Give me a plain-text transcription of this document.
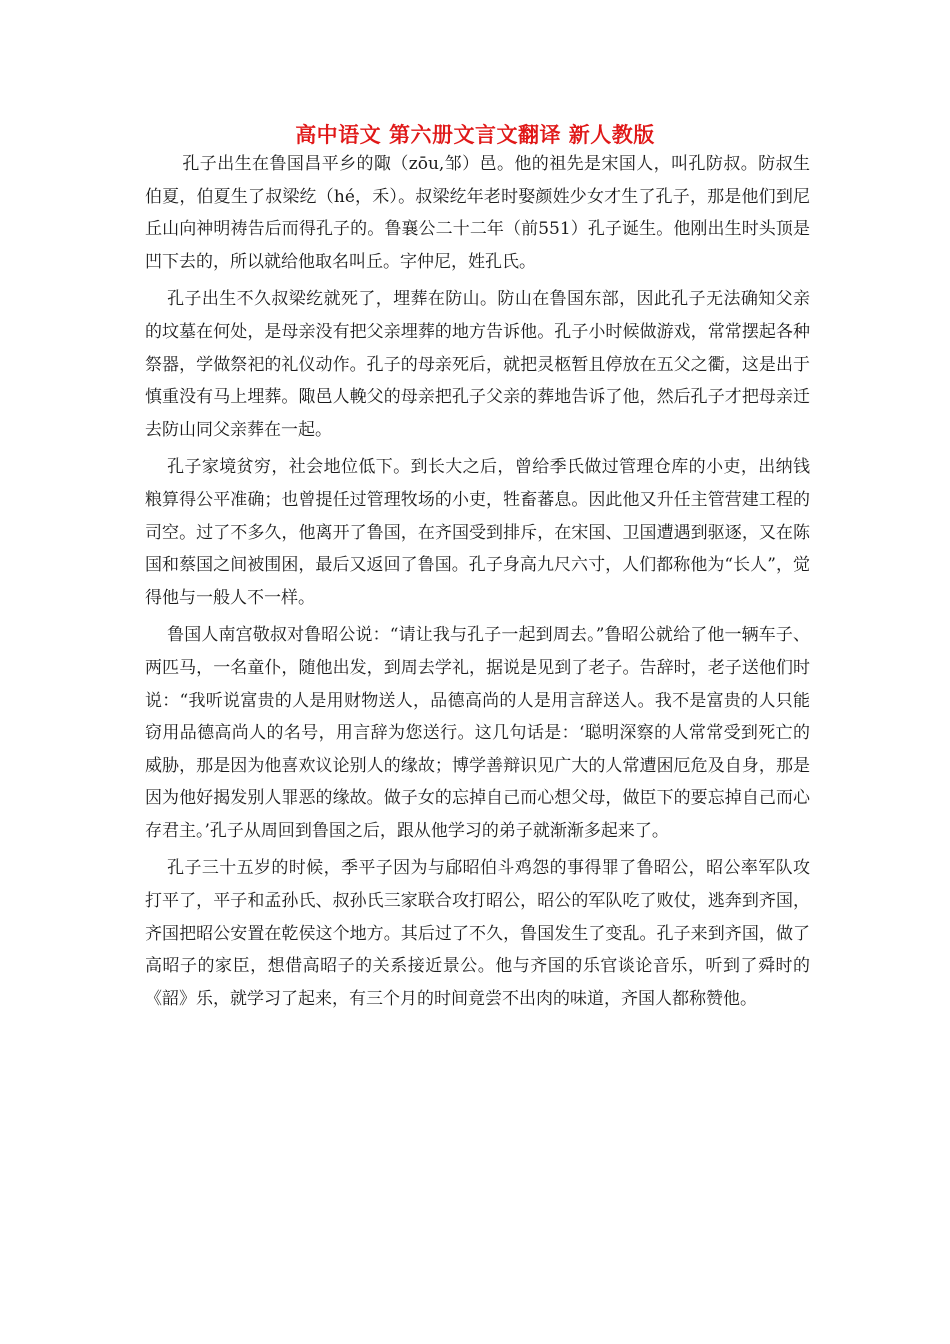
高中语文 第六册文言文翻译 新人教版

孔子出生在鲁国昌平乡的陬（zōu,邹）邑。他的祖先是宋国人，叫孔防叔。防叔生伯夏，伯夏生了叔梁纥（hé，禾）。叔梁纥年老时娶颜姓少女才生了孔子，那是他们到尼丘山向神明祷告后而得孔子的。鲁襄公二十二年（前551）孔子诞生。他刚出生时头顶是凹下去的，所以就给他取名叫丘。字仲尼，姓孔氏。

孔子出生不久叔梁纥就死了，埋葬在防山。防山在鲁国东部，因此孔子无法确知父亲的坟墓在何处，是母亲没有把父亲埋葬的地方告诉他。孔子小时候做游戏，常常摆起各种祭器，学做祭祀的礼仪动作。孔子的母亲死后，就把灵柩暂且停放在五父之衢，这是出于慎重没有马上埋葬。陬邑人輓父的母亲把孔子父亲的葬地告诉了他，然后孔子才把母亲迁去防山同父亲葬在一起。

孔子家境贫穷，社会地位低下。到长大之后，曾给季氏做过管理仓库的小吏，出纳钱粮算得公平准确；也曾提任过管理牧场的小吏，牲畜蕃息。因此他又升任主管营建工程的司空。过了不多久，他离开了鲁国，在齐国受到排斥，在宋国、卫国遭遇到驱逐，又在陈国和蔡国之间被围困，最后又返回了鲁国。孔子身高九尺六寸，人们都称他为“长人”，觉得他与一般人不一样。

鲁国人南宫敬叔对鲁昭公说：“请让我与孔子一起到周去。”鲁昭公就给了他一辆车子、两匹马，一名童仆，随他出发，到周去学礼，据说是见到了老子。告辞时，老子送他们时说：“我听说富贵的人是用财物送人，品德高尚的人是用言辞送人。我不是富贵的人只能窃用品德高尚人的名号，用言辞为您送行。这几句话是：‘聪明深察的人常常受到死亡的威胁，那是因为他喜欢议论别人的缘故；博学善辩识见广大的人常遭困厄危及自身，那是因为他好揭发别人罪恶的缘故。做子女的忘掉自己而心想父母，做臣下的要忘掉自己而心存君主。’孔子从周回到鲁国之后，跟从他学习的弟子就渐渐多起来了。

孔子三十五岁的时候，季平子因为与郈昭伯斗鸡怨的事得罪了鲁昭公，昭公率军队攻打平了，平子和孟孙氏、叔孙氏三家联合攻打昭公，昭公的军队吃了败仗，逃奔到齐国，齐国把昭公安置在乾侯这个地方。其后过了不久，鲁国发生了变乱。孔子来到齐国，做了高昭子的家臣，想借高昭子的关系接近景公。他与齐国的乐官谈论音乐，听到了舜时的《韶》乐，就学习了起来，有三个月的时间竟尝不出肉的味道，齐国人都称赞他。
